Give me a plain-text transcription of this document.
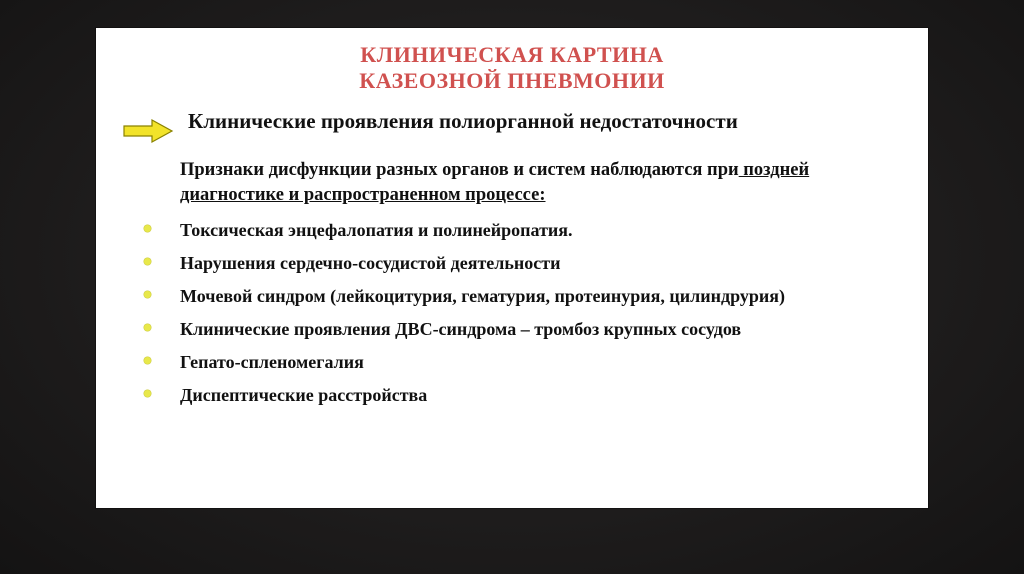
КЛИНИЧЕСКАЯ КАРТИНА
КАЗЕОЗНОЙ ПНЕВМОНИИ
Клинические проявления полиорганной недостаточности
Признаки дисфункции разных органов и систем наблюдаются при поздней диагностике и распространенном процессе:
Токсическая энцефалопатия и полинейропатия.
Нарушения сердечно-сосудистой деятельности
Мочевой синдром (лейкоцитурия, гематурия, протеинурия, цилиндрурия)
Клинические проявления ДВС-синдрома – тромбоз крупных сосудов
Гепато-спленомегалия
Диспептические расстройства
